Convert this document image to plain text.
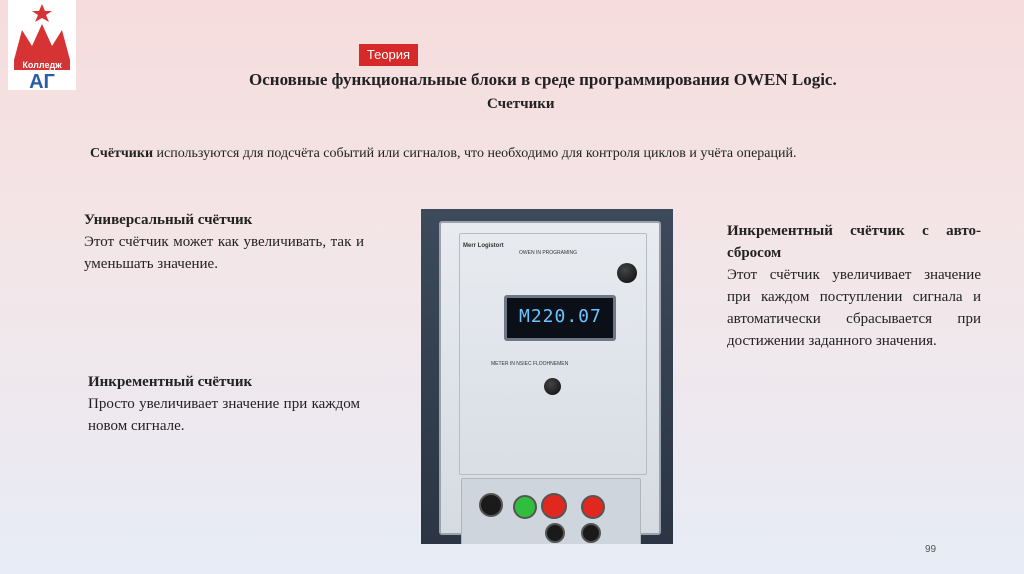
Колледж
АГ
Теория
Основные функциональные блоки в среде программирования OWEN Logic.
Счетчики
Счётчики используются для подсчёта событий или сигналов, что необходимо для контроля циклов и учёта операций.
Универсальный счётчик
Этот счётчик может как увеличивать, так и уменьшать значение.
Инкрементный счётчик
Просто увеличивает значение при каждом новом сигнале.
Инкрементный счётчик с авто-сбросом
Этот счётчик увеличивает значение при каждом поступлении сигнала и автоматически сбрасывается при достижении заданного значения.
Merr Logistort
OWEN IN PROGRAMING
M220.07
METER IN NSIEC FLOOHNEMEN
99
